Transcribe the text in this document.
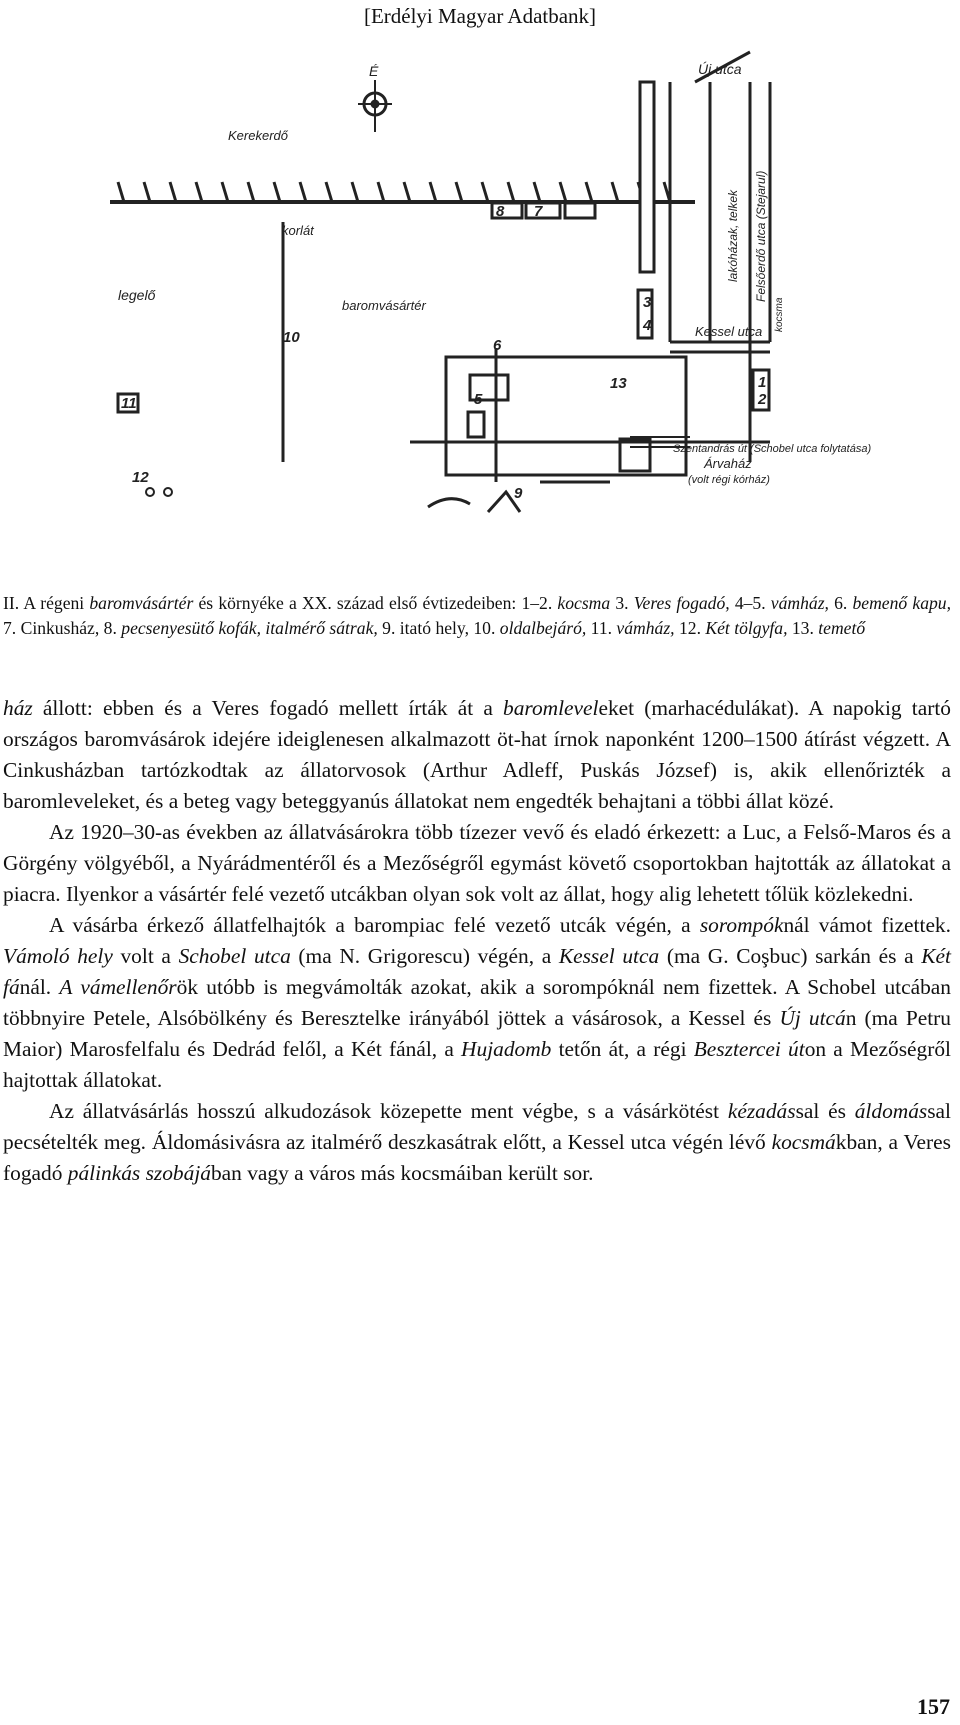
[Erdélyi Magyar Adatbank]
É
Kerekerdő
korlát
legelő
baromvásártér
Új utca
Kessel utca
Szentandrás út (Schobel utca folytatása)
Árvaház
(volt régi kórház)
lakóházak, telkek Felsőerdő utca (Stejarul)
kocsma
1
2
3
4
5
6
7
8
9
10
11
12
13

II. A régeni baromvásártér és környéke a XX. század első évtizedeiben: 1–2. kocsma 3. Veres fogadó, 4–5. vámház, 6. bemenő kapu, 7. Cinkusház, 8. pecsenyesütő kofák, italmérő sátrak, 9. itató hely, 10. oldalbejáró, 11. vámház, 12. Két tölgyfa, 13. temető

ház állott: ebben és a Veres fogadó mellett írták át a baromleveleket (marhacédulákat). A napokig tartó országos baromvásárok idejére ideiglenesen alkalmazott öt-hat írnok naponként 1200–1500 átírást végzett. A Cinkusházban tartózkodtak az állatorvosok (Arthur Adleff, Puskás József) is, akik ellenőrizték a baromleveleket, és a beteg vagy beteggyanús állatokat nem engedték behajtani a többi állat közé.

Az 1920–30-as években az állatvásárokra több tízezer vevő és eladó érkezett: a Luc, a Felső-Maros és a Görgény völgyéből, a Nyárádmentéről és a Mezőségről egymást követő csoportokban hajtották az állatokat a piacra. Ilyenkor a vásártér felé vezető utcákban olyan sok volt az állat, hogy alig lehetett tőlük közlekedni.

A vásárba érkező állatfelhajtók a barompiac felé vezető utcák végén, a sorompóknál vámot fizettek. Vámoló hely volt a Schobel utca (ma N. Grigorescu) végén, a Kessel utca (ma G. Coşbuc) sarkán és a Két fánál. A vámellenőrök utóbb is megvámolták azokat, akik a sorompóknál nem fizettek. A Schobel utcában többnyire Petele, Alsóbölkény és Beresztelke irányából jöttek a vásárosok, a Kessel és Új utcán (ma Petru Maior) Marosfelfalu és Dedrád felől, a Két fánál, a Hujadomb tetőn át, a régi Besztercei úton a Mezőségről hajtottak állatokat.

Az állatvásárlás hosszú alkudozások közepette ment végbe, s a vásárkötést kézadással és áldomással pecsételték meg. Áldomásivásra az italmérő deszkasátrak előtt, a Kessel utca végén lévő kocsmákban, a Veres fogadó pálinkás szobájában vagy a város más kocsmáiban került sor.

157
